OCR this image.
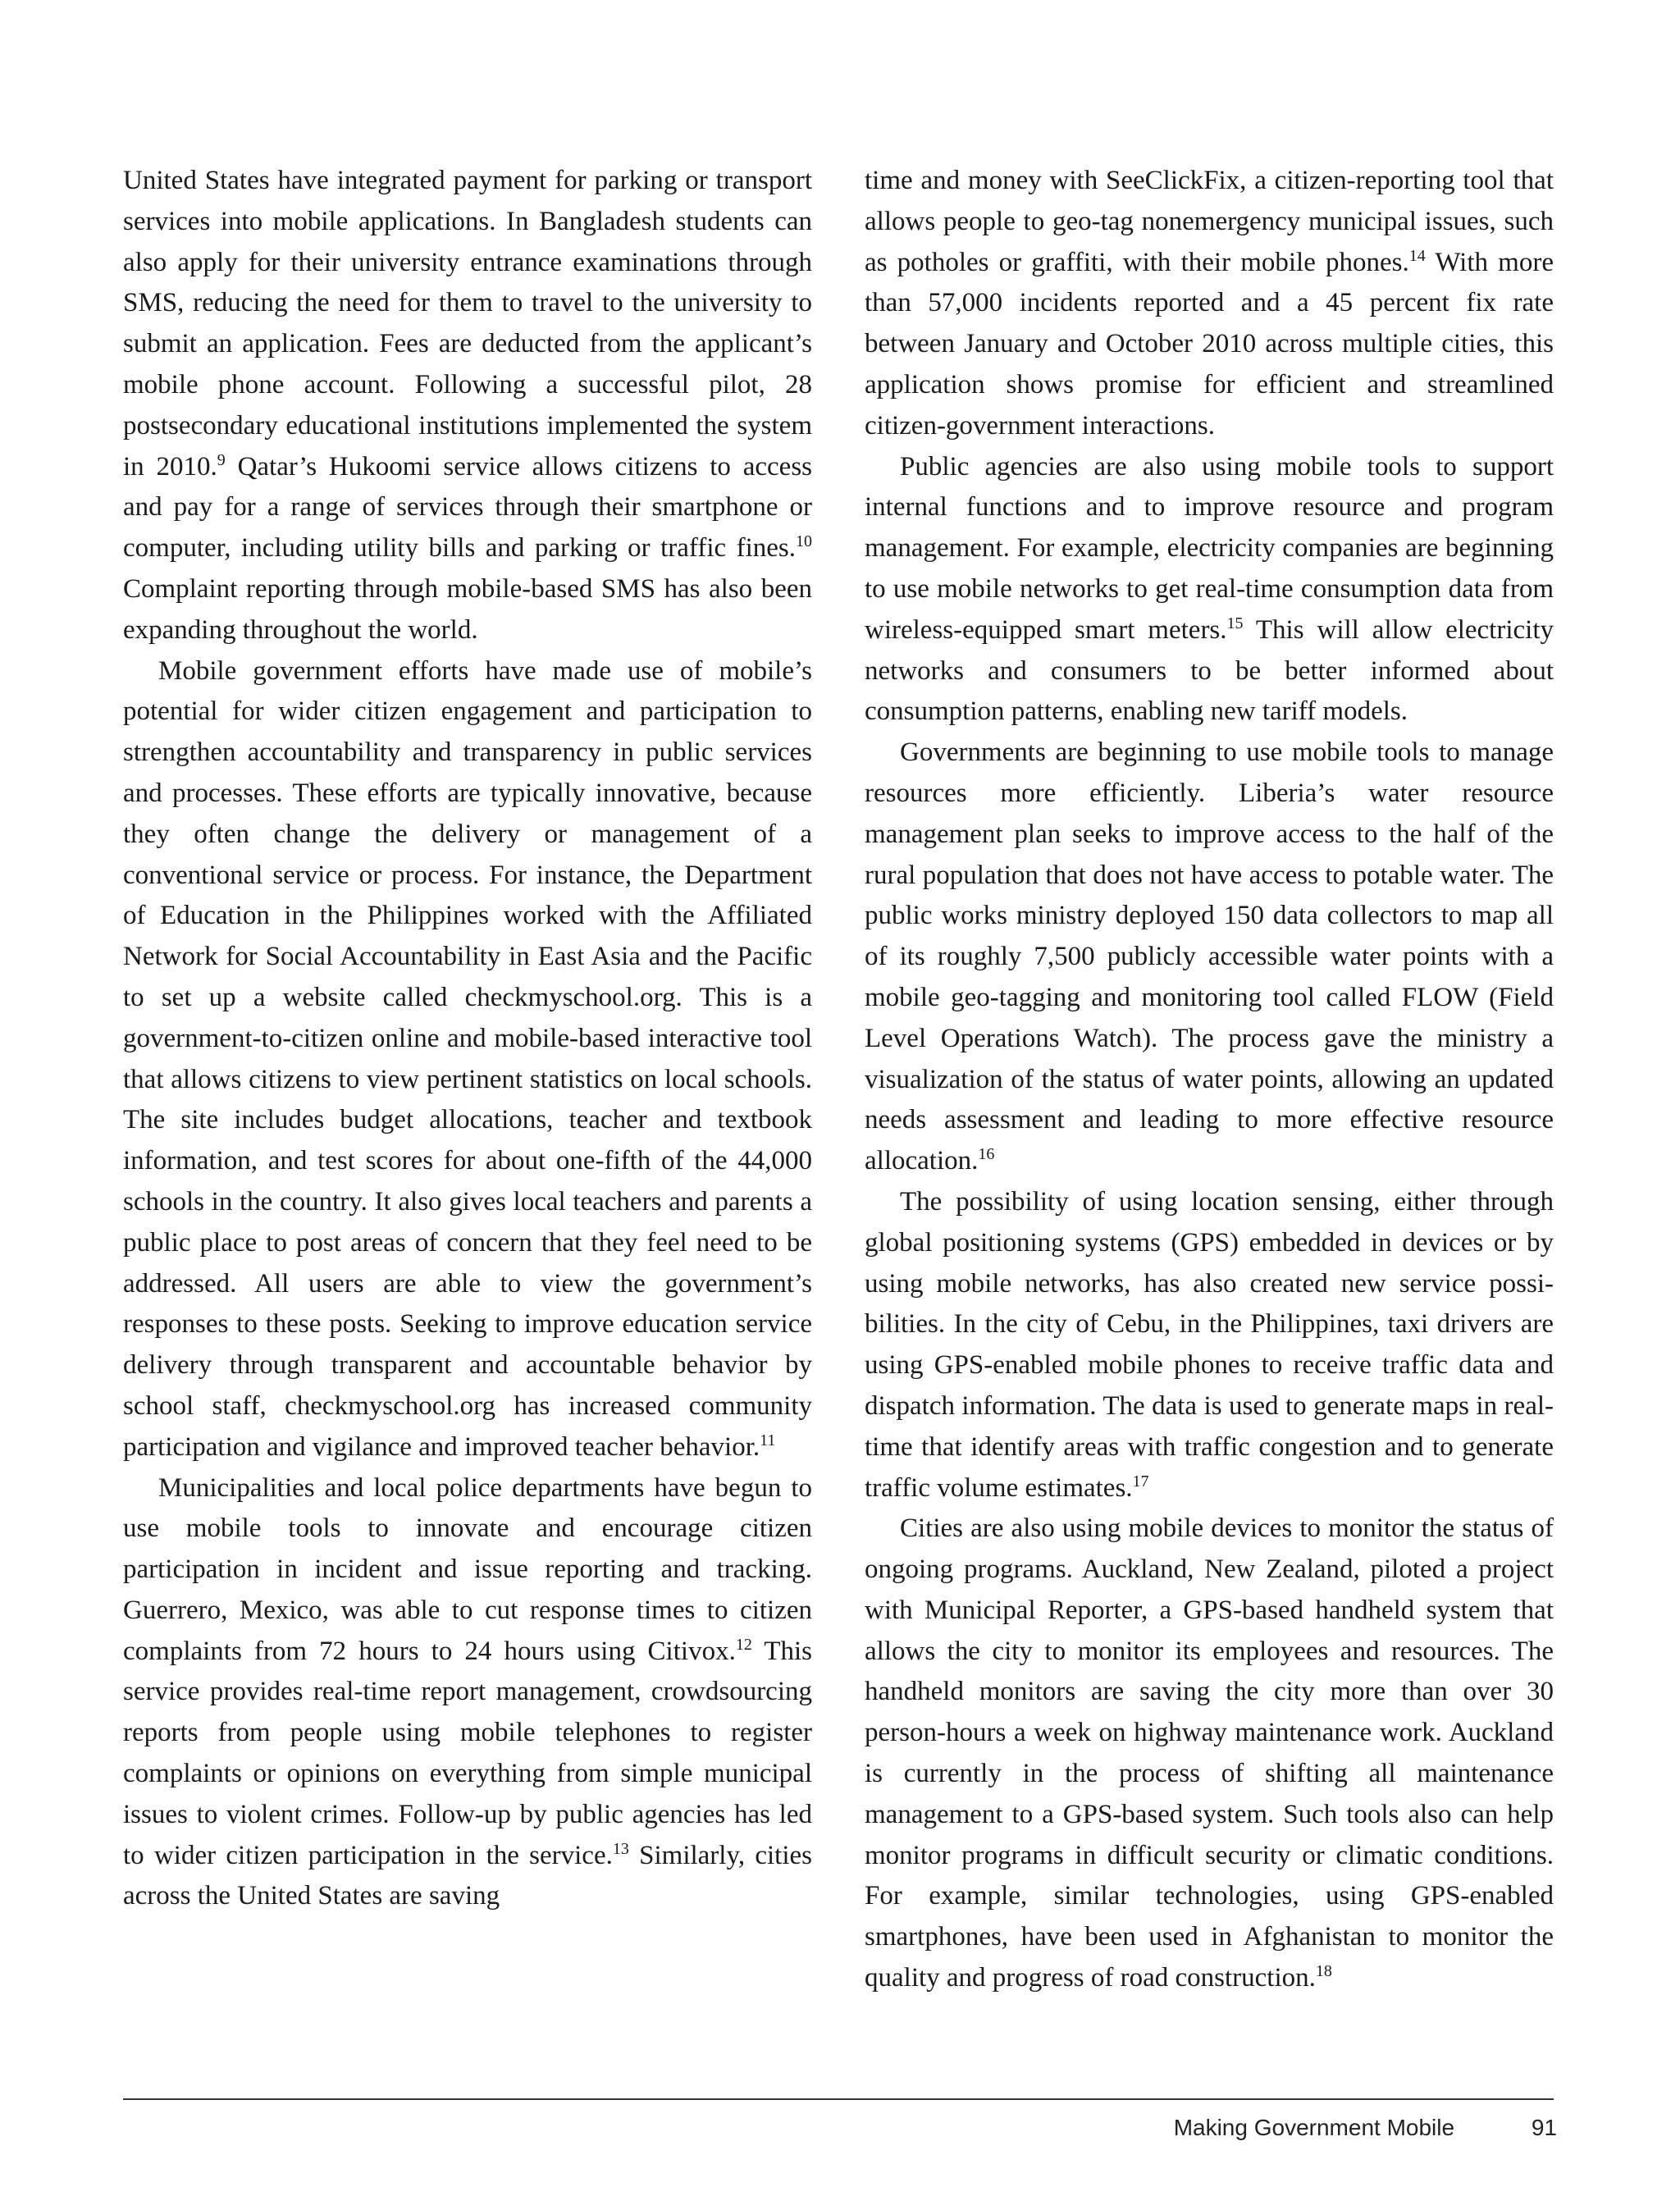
United States have integrated payment for parking or transport services into mobile applications. In Bangladesh students can also apply for their university entrance examinations through SMS, reducing the need for them to travel to the university to submit an application. Fees are deducted from the applicant’s mobile phone account. Following a successful pilot, 28 postsecondary educational institutions implemented the system in 2010.$^9$ Qatar’s Hukoomi service allows citizens to access and pay for a range of services through their smartphone or computer, including utility bills and parking or traffic fines.$^{10}$ Complaint reporting through mobile-based SMS has also been expanding throughout the world.

Mobile government efforts have made use of mobile’s potential for wider citizen engagement and participation to strengthen accountability and transparency in public services and processes. These efforts are typically innovative, because they often change the delivery or management of a conventional service or process. For instance, the Department of Education in the Philippines worked with the Affiliated Network for Social Accountability in East Asia and the Pacific to set up a website called checkmyschool.org. This is a government-to-citizen online and mobile-based interactive tool that allows citizens to view pertinent statistics on local schools. The site includes budget allocations, teacher and textbook information, and test scores for about one-fifth of the 44,000 schools in the country. It also gives local teachers and parents a public place to post areas of concern that they feel need to be addressed. All users are able to view the government’s responses to these posts. Seeking to improve education service delivery through transparent and accountable behavior by school staff, checkmyschool.org has increased community participation and vigilance and improved teacher behavior.$^{11}$

Municipalities and local police departments have begun to use mobile tools to innovate and encourage citizen participation in incident and issue reporting and tracking. Guerrero, Mexico, was able to cut response times to citizen complaints from 72 hours to 24 hours using Citivox.$^{12}$ This service provides real-time report management, crowdsourcing reports from people using mobile telephones to register complaints or opinions on everything from simple municipal issues to violent crimes. Follow-up by public agencies has led to wider citizen participation in the service.$^{13}$ Similarly, cities across the United States are saving

time and money with SeeClickFix, a citizen-reporting tool that allows people to geo-tag nonemergency municipal issues, such as potholes or graffiti, with their mobile phones.$^{14}$ With more than 57,000 incidents reported and a 45 percent fix rate between January and October 2010 across multiple cities, this application shows promise for efficient and streamlined citizen-government interactions.

Public agencies are also using mobile tools to support internal functions and to improve resource and program management. For example, electricity companies are beginning to use mobile networks to get real-time consumption data from wireless-equipped smart meters.$^{15}$ This will allow electricity networks and consumers to be better informed about consumption patterns, enabling new tariff models.

Governments are beginning to use mobile tools to manage resources more efficiently. Liberia’s water resource management plan seeks to improve access to the half of the rural population that does not have access to potable water. The public works ministry deployed 150 data collectors to map all of its roughly 7,500 publicly accessible water points with a mobile geo-tagging and monitoring tool called FLOW (Field Level Operations Watch). The process gave the ministry a visualization of the status of water points, allowing an updated needs assessment and leading to more effective resource allocation.$^{16}$

The possibility of using location sensing, either through global positioning systems (GPS) embedded in devices or by using mobile networks, has also created new service possibilities. In the city of Cebu, in the Philippines, taxi drivers are using GPS-enabled mobile phones to receive traffic data and dispatch information. The data is used to generate maps in real-time that identify areas with traffic congestion and to generate traffic volume estimates.$^{17}$

Cities are also using mobile devices to monitor the status of ongoing programs. Auckland, New Zealand, piloted a project with Municipal Reporter, a GPS-based handheld system that allows the city to monitor its employees and resources. The handheld monitors are saving the city more than over 30 person-hours a week on highway maintenance work. Auckland is currently in the process of shifting all maintenance management to a GPS-based system. Such tools also can help monitor programs in difficult security or climatic conditions. For example, similar technologies, using GPS-enabled smartphones, have been used in Afghanistan to monitor the quality and progress of road construction.$^{18}$

Making Government Mobile	91
